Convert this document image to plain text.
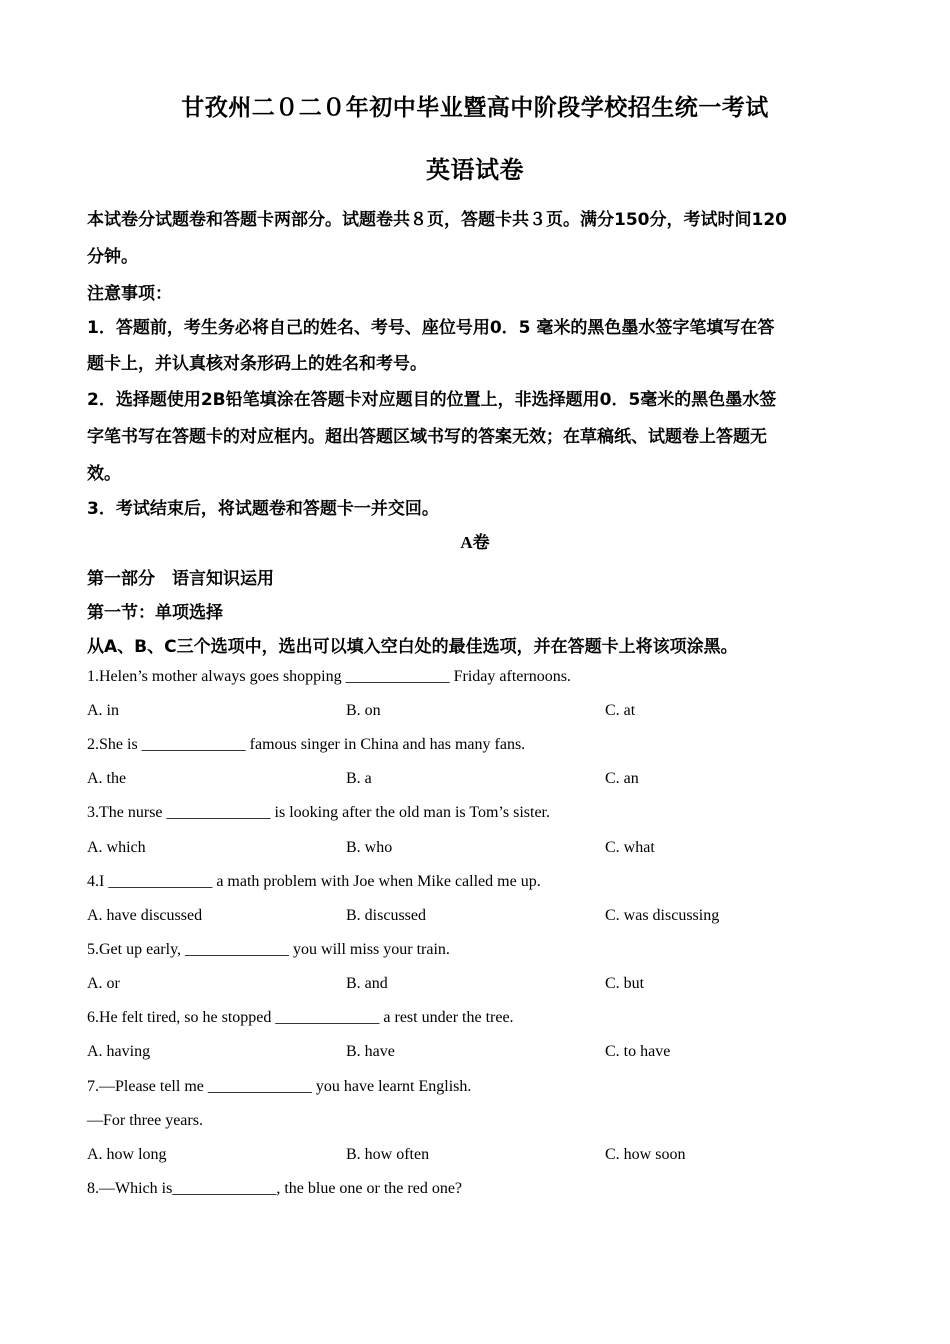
甘孜州二０二０年初中毕业暨高中阶段学校招生统一考试
英语试卷
本试卷分试题卷和答题卡两部分。试题卷共８页，答题卡共３页。满分150分，考试时间120
分钟。
注意事项：
1．答题前，考生务必将自己的姓名、考号、座位号用0．5 毫米的黑色墨水签字笔填写在答
题卡上，并认真核对条形码上的姓名和考号。
2．选择题使用2B铅笔填涂在答题卡对应题目的位置上，非选择题用0．5毫米的黑色墨水签
字笔书写在答题卡的对应框内。超出答题区域书写的答案无效；在草稿纸、试题卷上答题无
效。
3．考试结束后，将试题卷和答题卡一并交回。
A卷
第一部分　语言知识运用
第一节：单项选择
从A、B、C三个选项中，选出可以填入空白处的最佳选项，并在答题卡上将该项涂黑。
1.Helen’s mother always goes shopping _____________ Friday afternoons.
A. in	B. on	C. at
2.She is _____________ famous singer in China and has many fans.
A. the	B. a	C. an
3.The nurse _____________ is looking after the old man is Tom’s sister.
A. which	B. who	C. what
4.I _____________ a math problem with Joe when Mike called me up.
A. have discussed	B. discussed	C. was discussing
5.Get up early, _____________ you will miss your train.
A. or	B. and	C. but
6.He felt tired, so he stopped _____________ a rest under the tree.
A. having	B. have	C. to have
7.—Please tell me _____________ you have learnt English.
—For three years.
A. how long	B. how often	C. how soon
8.—Which is_____________, the blue one or the red one?
